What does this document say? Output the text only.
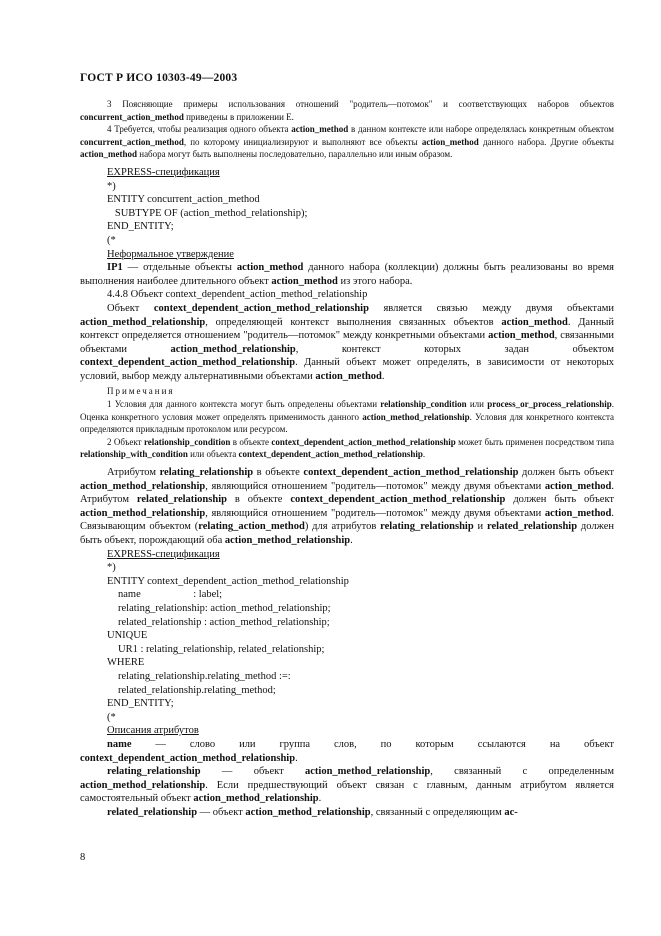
ГОСТ Р ИСО 10303-49—2003

3 Поясняющие примеры использования отношений "родитель—потомок" и соответствующих наборов объектов concurrent_action_method приведены в приложении Е.

4 Требуется, чтобы реализация одного объекта action_method в данном контексте или наборе определялась конкретным объектом concurrent_action_method, по которому инициализируют и выполняют все объекты action_method данного набора. Другие объекты action_method набора могут быть выполнены последовательно, параллельно или иным образом.

EXPRESS-спецификация

*)

ENTITY concurrent_action_method

SUBTYPE OF (action_method_relationship);

END_ENTITY;

(*

Неформальное утверждение

IP1 — отдельные объекты action_method данного набора (коллекции) должны быть реализованы во время выполнения наиболее длительного объект action_method из этого набора.

4.4.8 Объект context_dependent_action_method_relationship

Объект context_dependent_action_method_relationship является связью между двумя объектами action_method_relationship, определяющей контекст выполнения связанных объектов action_method. Данный контекст определяется отношением "родитель—потомок" между конкретными объектами action_method, связанными объектами action_method_relationship, контекст которых задан объектом context_dependent_action_method_relationship. Данный объект может определять, в зависимости от некоторых условий, выбор между альтернативными объектами action_method.

Примечания

1 Условия для данного контекста могут быть определены объектами relationship_condition или process_or_process_relationship. Оценка конкретного условия может определять применимость данного action_method_relationship. Условия для конкретного контекста определяются прикладным протоколом или ресурсом.

2 Объект relationship_condition в объекте context_dependent_action_method_relationship может быть применен посредством типа relationship_with_condition или объекта context_dependent_action_method_relationship.

Атрибутом relating_relationship в объекте context_dependent_action_method_relationship должен быть объект action_method_relationship, являющийся отношением "родитель—потомок" между двумя объектами action_method. Атрибутом related_relationship в объекте context_dependent_action_method_relationship должен быть объект action_method_relationship, являющийся отношением "родитель—потомок" между двумя объектами action_method. Связывающим объектом (relating_action_method) для атрибутов relating_relationship и related_relationship должен быть объект, порождающий оба action_method_relationship.

EXPRESS-спецификация

*)

ENTITY context_dependent_action_method_relationship

name                    : label;

relating_relationship: action_method_relationship;

related_relationship : action_method_relationship;

UNIQUE

UR1 : relating_relationship, related_relationship;

WHERE

relating_relationship.relating_method :=:

related_relationship.relating_method;

END_ENTITY;

(*

Описания атрибутов

name — слово или группа слов, по которым ссылаются на объект context_dependent_action_method_relationship.

relating_relationship — объект action_method_relationship, связанный с определенным action_method_relationship. Если предшествующий объект связан с главным, данным атрибутом является самостоятельный объект action_method_relationship.

related_relationship — объект action_method_relationship, связанный с определяющим ac-

8
